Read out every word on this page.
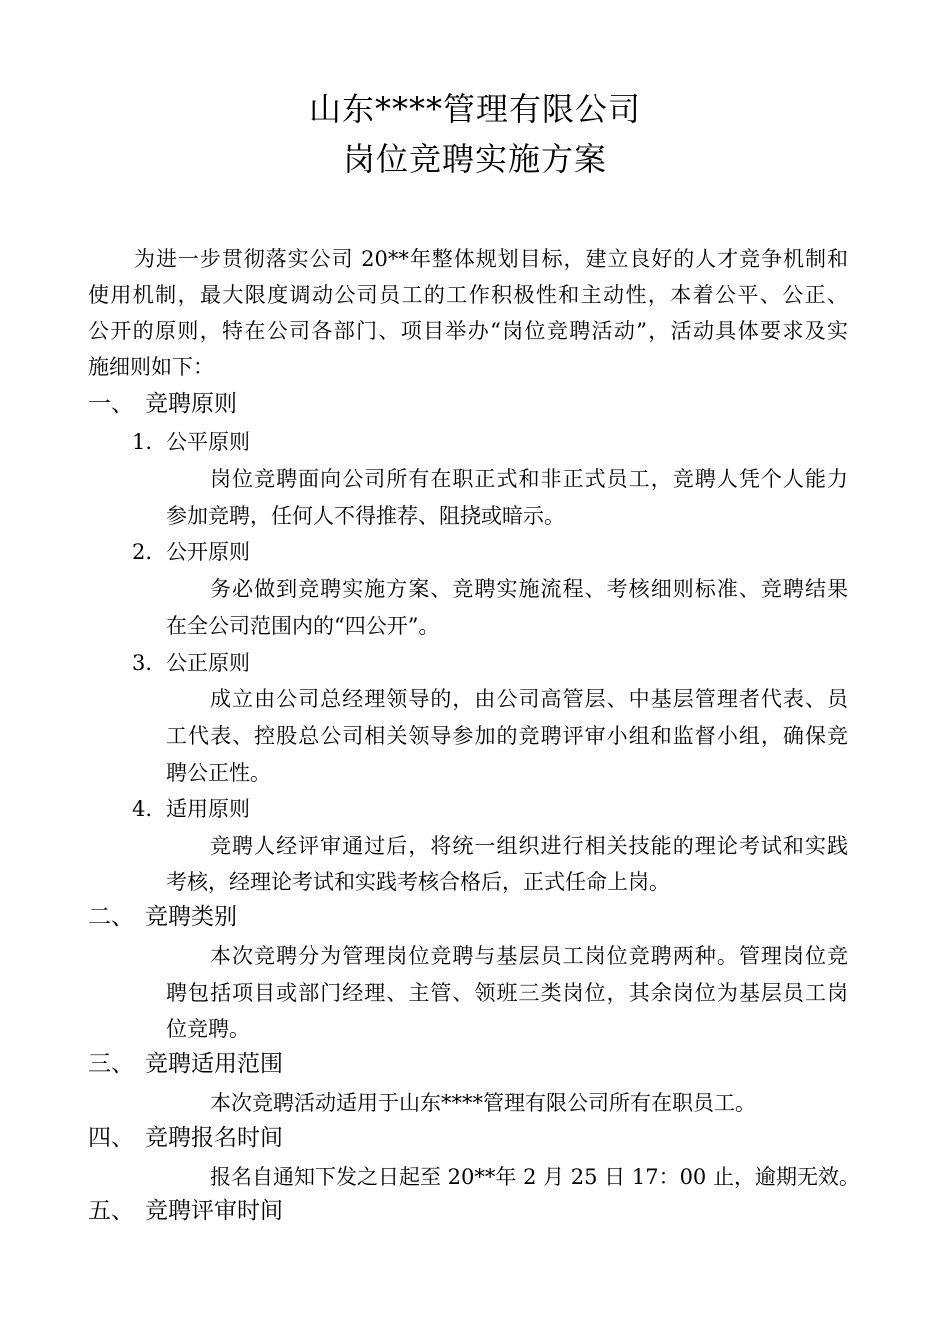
山东****管理有限公司
岗位竞聘实施方案
为进一步贯彻落实公司 20**年整体规划目标，建立良好的人才竞争机制和
使用机制，最大限度调动公司员工的工作积极性和主动性，本着公平、公正、
公开的原则，特在公司各部门、项目举办“岗位竞聘活动”，活动具体要求及实
施细则如下：
一、 竞聘原则
1. 公平原则
岗位竞聘面向公司所有在职正式和非正式员工，竞聘人凭个人能力
参加竞聘，任何人不得推荐、阻挠或暗示。
2. 公开原则
务必做到竞聘实施方案、竞聘实施流程、考核细则标准、竞聘结果
在全公司范围内的“四公开”。
3. 公正原则
成立由公司总经理领导的，由公司高管层、中基层管理者代表、员
工代表、控股总公司相关领导参加的竞聘评审小组和监督小组，确保竞
聘公正性。
4. 适用原则
竞聘人经评审通过后，将统一组织进行相关技能的理论考试和实践
考核，经理论考试和实践考核合格后，正式任命上岗。
二、 竞聘类别
本次竞聘分为管理岗位竞聘与基层员工岗位竞聘两种。管理岗位竞
聘包括项目或部门经理、主管、领班三类岗位，其余岗位为基层员工岗
位竞聘。
三、 竞聘适用范围
本次竞聘活动适用于山东****管理有限公司所有在职员工。
四、 竞聘报名时间
报名自通知下发之日起至 20**年 2 月 25 日 17：00 止，逾期无效。
五、 竞聘评审时间
